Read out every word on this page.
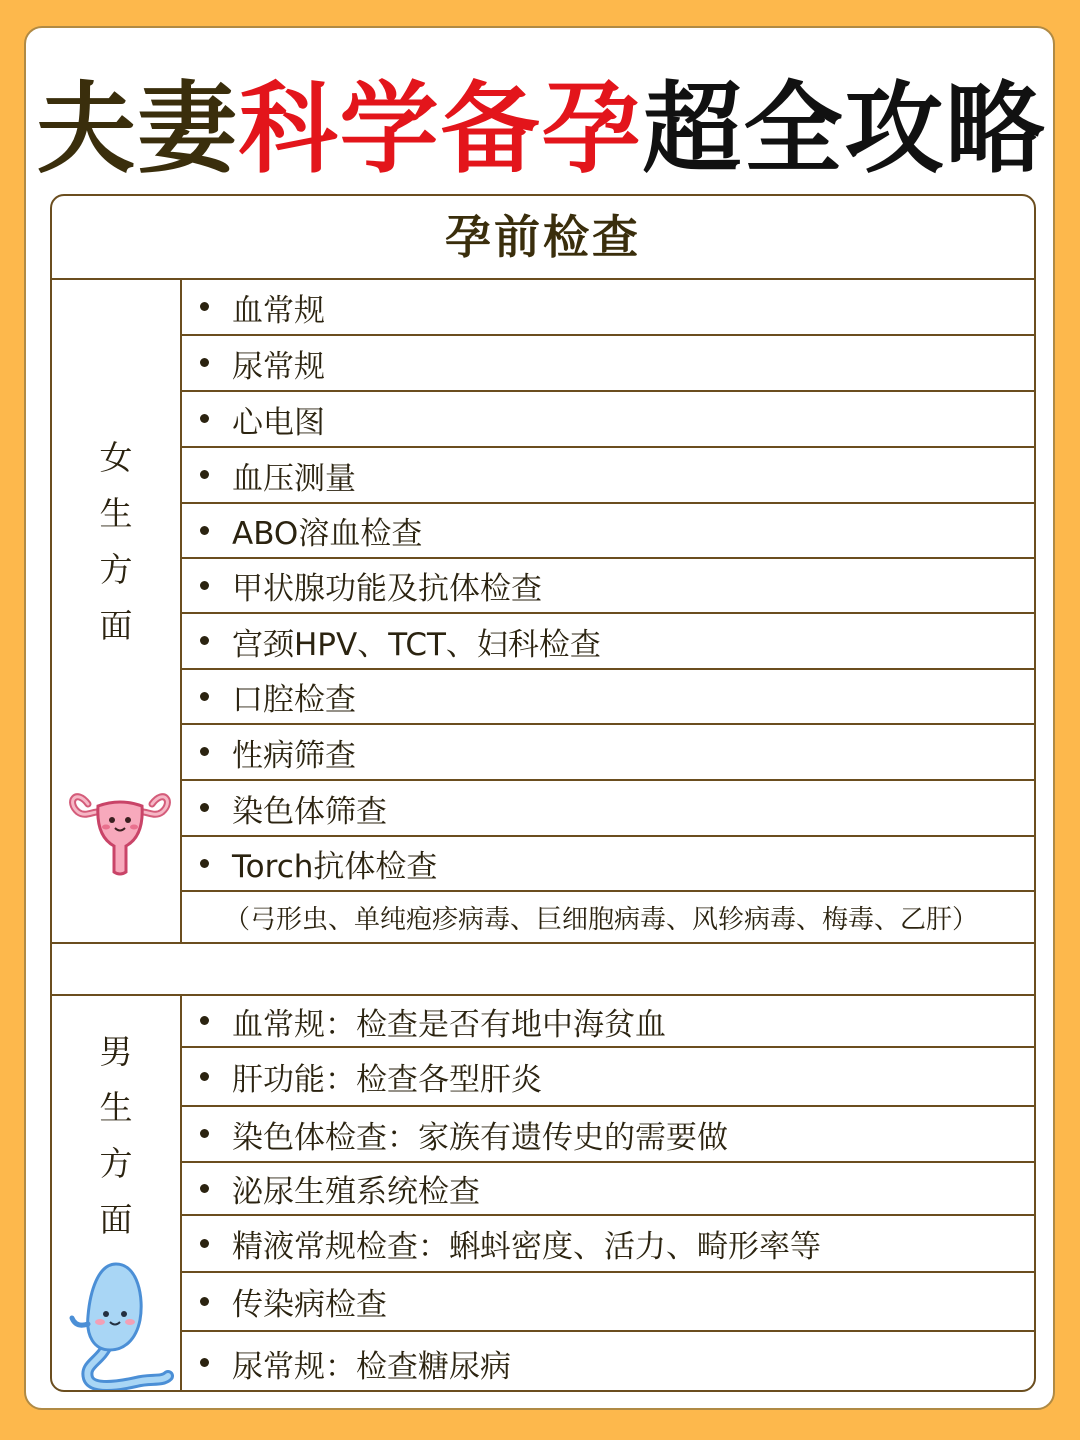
夫妻科学备孕超全攻略
孕前检查
女
生
方
面
血常规
尿常规
心电图
血压测量
ABO溶血检查
甲状腺功能及抗体检查
宫颈HPV、TCT、妇科检查
口腔检查
性病筛查
染色体筛查
Torch抗体检查
（弓形虫、单纯疱疹病毒、巨细胞病毒、风轸病毒、梅毒、乙肝）
男
生
方
面
血常规：检查是否有地中海贫血
肝功能：检查各型肝炎
染色体检查：家族有遗传史的需要做
泌尿生殖系统检查
精液常规检查：蝌蚪密度、活力、畸形率等
传染病检查
尿常规：检查糖尿病
